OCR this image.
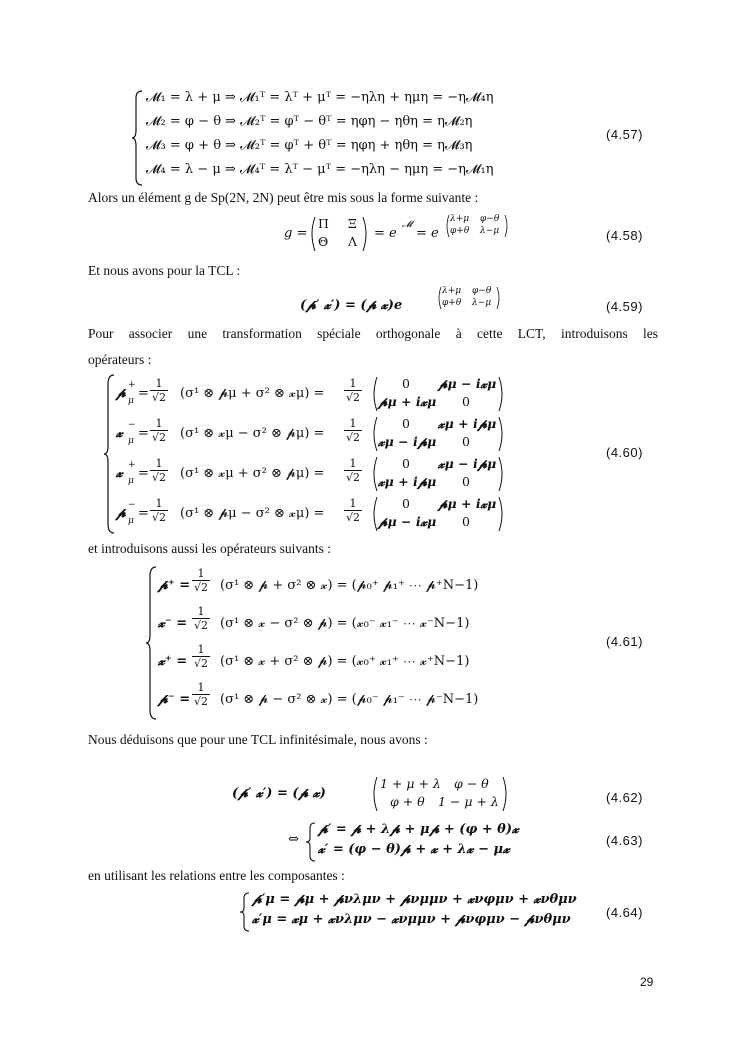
𝓜₁ = λ + μ ⇒ 𝓜₁ᵀ = λᵀ + μᵀ = −ηλη + ημη = −η𝓜₄η
𝓜₂ = φ − θ ⇒ 𝓜₂ᵀ = φᵀ − θᵀ = ηφη − ηθη = η𝓜₂η
𝓜₃ = φ + θ ⇒ 𝓜₂ᵀ = φᵀ + θᵀ = ηφη + ηθη = η𝓜₃η
𝓜₄ = λ − μ ⇒ 𝓜₄ᵀ = λᵀ − μᵀ = −ηλη − ημη = −η𝓜₁η
(4.57)
Alors un élément g de Sp(2N, 2N) peut être mis sous la forme suivante :
g =
Π Ξ
Θ Λ
= e
𝓜
= e
λ+μ φ−θ
φ+θ λ−μ	(4.58)
Et nous avons pour la TCL :
(𝓹′ 𝔁′) = (𝓹 𝔁)e
λ+μ φ−θ
φ+θ λ−μ	(4.59)
Pour associer une transformation spéciale orthogonale à cette LCT, introduisons les
opérateurs :
𝓹
+
$\mu = \frac{1}{√2} (\sigma^1$ ⊗ 𝓹μ + σ² ⊗ 𝔁μ) = $\frac{1}{√2}$	0 𝓹μ − i𝔁μ
𝓹μ + i𝔁μ 0
𝔁
−
$\mu = \frac{1}{√2} (\sigma^1$ ⊗ 𝔁μ − σ² ⊗ 𝓹μ) = $\frac{1}{√2}$	0 𝔁μ + i𝓹μ
𝔁μ − i𝓹μ 0
𝔁
+
$\mu = \frac{1}{√2} (\sigma^1$ ⊗ 𝔁μ + σ² ⊗ 𝓹μ) = $\frac{1}{√2}$	0 𝔁μ − i𝓹μ
𝔁μ + i𝓹μ 0
𝓹
−
$\mu = \frac{1}{√2} (\sigma^1$ ⊗ 𝓹μ − σ² ⊗ 𝔁μ) = $\frac{1}{√2}$	0 𝓹μ + i𝔁μ
𝓹μ − i𝔁μ 0
(4.60)
et introduisons aussi les opérateurs suivants :
𝓹⁺ = $\frac{1}{√2} (\sigma^1$ ⊗ 𝓹 + σ² ⊗ 𝔁) = (𝓹₀⁺ 𝓹₁⁺ ⋯ 𝓹⁺N−1)
𝔁⁻ = $\frac{1}{√2} (\sigma^1$ ⊗ 𝔁 − σ² ⊗ 𝓹) = (𝔁₀⁻ 𝔁₁⁻ ⋯ 𝔁⁻N−1)
𝔁⁺ = $\frac{1}{√2} (\sigma^1$ ⊗ 𝔁 + σ² ⊗ 𝓹) = (𝔁₀⁺ 𝔁₁⁺ ⋯ 𝔁⁺N−1)
𝓹⁻ = $\frac{1}{√2} (\sigma^1$ ⊗ 𝓹 − σ² ⊗ 𝔁) = (𝓹₀⁻ 𝓹₁⁻ ⋯ 𝓹⁻N−1)
(4.61)
Nous déduisons que pour une TCL infinitésimale, nous avons :
(𝓹′ 𝔁′) = (𝓹 𝔁)
1 + μ + λ φ − θ
φ + θ 1 − μ + λ	(4.62)
⇔
𝓹′ = 𝓹 + λ𝓹 + μ𝓹 + (φ + θ)𝔁
𝔁′ = (φ − θ)𝓹 + 𝔁 + λ𝔁 − μ𝔁
(4.63)
en utilisant les relations entre les composantes :
𝓹′μ = 𝓹μ + 𝓹νλμν + 𝓹νμμν + 𝔁νφμν + 𝔁νθμν
𝔁′μ = 𝔁μ + 𝔁νλμν − 𝔁νμμν + 𝓹νφμν − 𝓹νθμν	(4.64)
29
